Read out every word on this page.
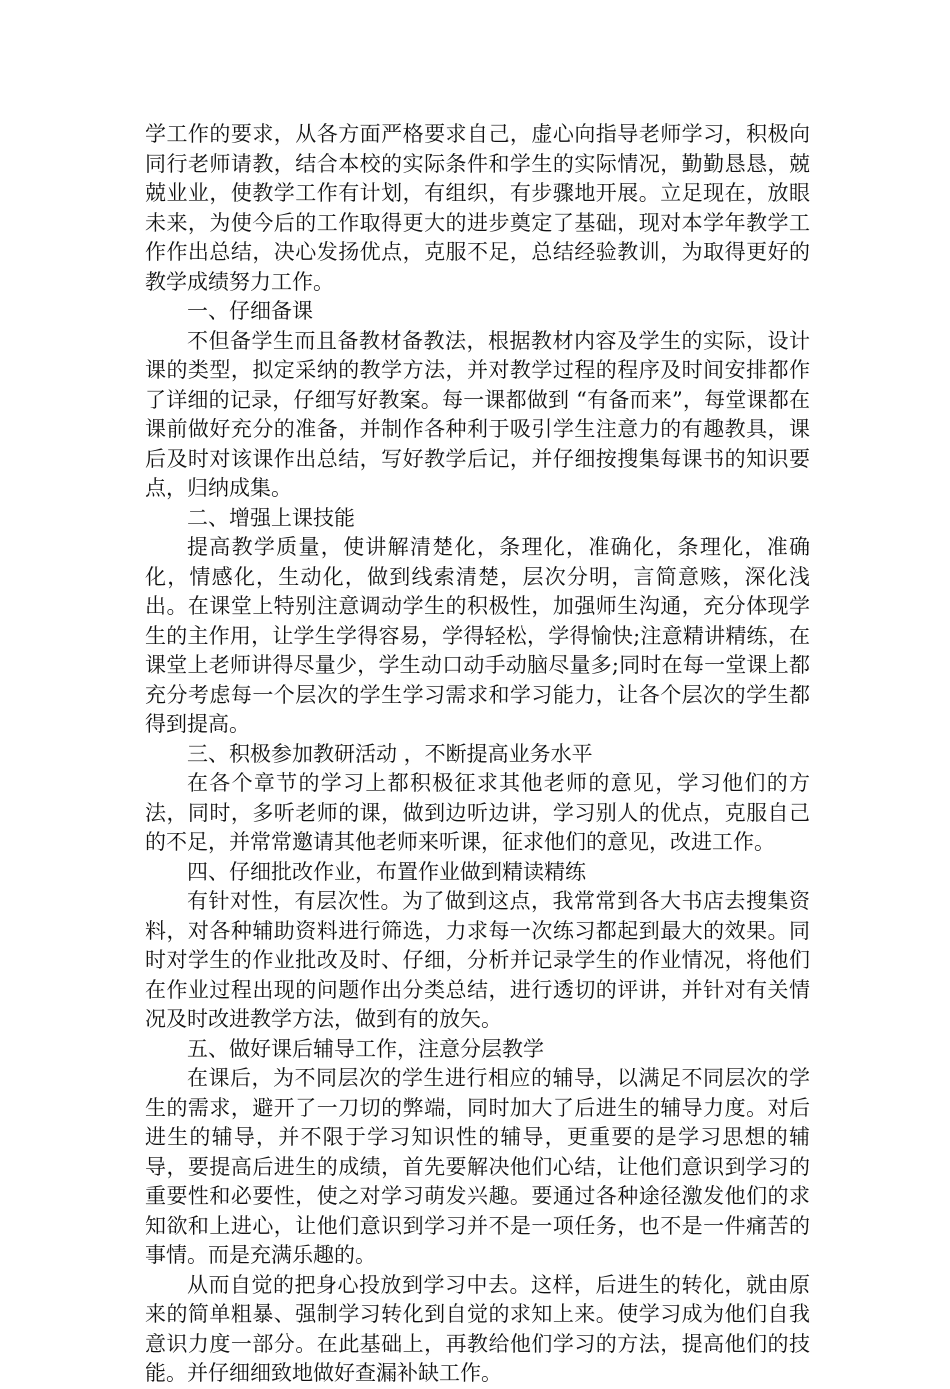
学工作的要求，从各方面严格要求自己，虚心向指导老师学习，积极向同行老师请教，结合本校的实际条件和学生的实际情况，勤勤恳恳，兢兢业业，使教学工作有计划，有组织，有步骤地开展。立足现在，放眼未来，为使今后的工作取得更大的进步奠定了基础，现对本学年教学工作作出总结，决心发扬优点，克服不足，总结经验教训，为取得更好的教学成绩努力工作。

一、仔细备课

不但备学生而且备教材备教法，根据教材内容及学生的实际，设计课的类型，拟定采纳的教学方法，并对教学过程的程序及时间安排都作了详细的记录，仔细写好教案。每一课都做到 “有备而来”，每堂课都在课前做好充分的准备，并制作各种利于吸引学生注意力的有趣教具，课后及时对该课作出总结，写好教学后记，并仔细按搜集每课书的知识要点，归纳成集。

二、增强上课技能

提高教学质量，使讲解清楚化，条理化，准确化，条理化，准确化，情感化，生动化，做到线索清楚，层次分明，言简意赅，深化浅出。在课堂上特别注意调动学生的积极性，加强师生沟通，充分体现学生的主作用，让学生学得容易，学得轻松，学得愉快;注意精讲精练，在课堂上老师讲得尽量少，学生动口动手动脑尽量多;同时在每一堂课上都充分考虑每一个层次的学生学习需求和学习能力，让各个层次的学生都得到提高。

三、积极参加教研活动 ，不断提高业务水平

在各个章节的学习上都积极征求其他老师的意见，学习他们的方法，同时，多听老师的课，做到边听边讲，学习别人的优点，克服自己的不足，并常常邀请其他老师来听课，征求他们的意见，改进工作。

四、仔细批改作业，布置作业做到精读精练

有针对性，有层次性。为了做到这点，我常常到各大书店去搜集资料，对各种辅助资料进行筛选，力求每一次练习都起到最大的效果。同时对学生的作业批改及时、仔细，分析并记录学生的作业情况，将他们在作业过程出现的问题作出分类总结，进行透切的评讲，并针对有关情况及时改进教学方法，做到有的放矢。

五、做好课后辅导工作，注意分层教学

在课后，为不同层次的学生进行相应的辅导，以满足不同层次的学生的需求，避开了一刀切的弊端，同时加大了后进生的辅导力度。对后进生的辅导，并不限于学习知识性的辅导，更重要的是学习思想的辅导，要提高后进生的成绩，首先要解决他们心结，让他们意识到学习的重要性和必要性，使之对学习萌发兴趣。要通过各种途径激发他们的求知欲和上进心，让他们意识到学习并不是一项任务，也不是一件痛苦的事情。而是充满乐趣的。

从而自觉的把身心投放到学习中去。这样，后进生的转化，就由原来的简单粗暴、强制学习转化到自觉的求知上来。使学习成为他们自我意识力度一部分。在此基础上，再教给他们学习的方法，提高他们的技能。并仔细细致地做好查漏补缺工作。
